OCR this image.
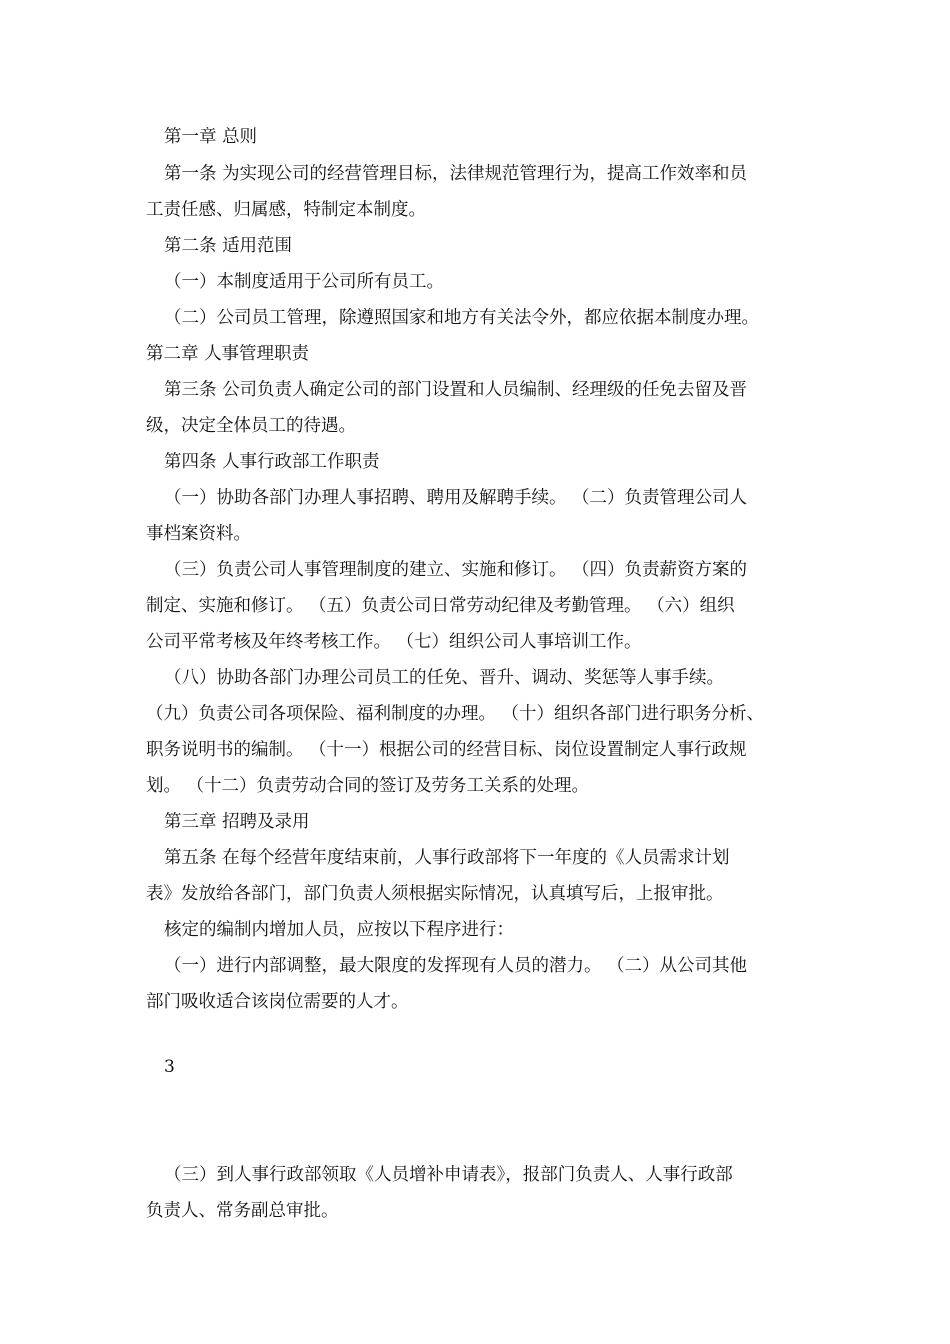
第一章 总则
第一条 为实现公司的经营管理目标，法律规范管理行为，提高工作效率和员
工责任感、归属感，特制定本制度。
第二条 适用范围
（一）本制度适用于公司所有员工。
（二）公司员工管理，除遵照国家和地方有关法令外，都应依据本制度办理。
第二章 人事管理职责
第三条 公司负责人确定公司的部门设置和人员编制、经理级的任免去留及晋
级，决定全体员工的待遇。
第四条 人事行政部工作职责
（一）协助各部门办理人事招聘、聘用及解聘手续。 （二）负责管理公司人
事档案资料。
（三）负责公司人事管理制度的建立、实施和修订。 （四）负责薪资方案的
制定、实施和修订。 （五）负责公司日常劳动纪律及考勤管理。 （六）组织
公司平常考核及年终考核工作。 （七）组织公司人事培训工作。
（八）协助各部门办理公司员工的任免、晋升、调动、奖惩等人事手续。
（九）负责公司各项保险、福利制度的办理。 （十）组织各部门进行职务分析、
职务说明书的编制。 （十一）根据公司的经营目标、岗位设置制定人事行政规
划。 （十二）负责劳动合同的签订及劳务工关系的处理。
第三章 招聘及录用
第五条 在每个经营年度结束前，人事行政部将下一年度的《人员需求计划
表》发放给各部门，部门负责人须根据实际情况，认真填写后，上报审批。
核定的编制内增加人员，应按以下程序进行：
（一）进行内部调整，最大限度的发挥现有人员的潜力。 （二）从公司其他
部门吸收适合该岗位需要的人才。
3
（三）到人事行政部领取《人员增补申请表》，报部门负责人、人事行政部
负责人、常务副总审批。
